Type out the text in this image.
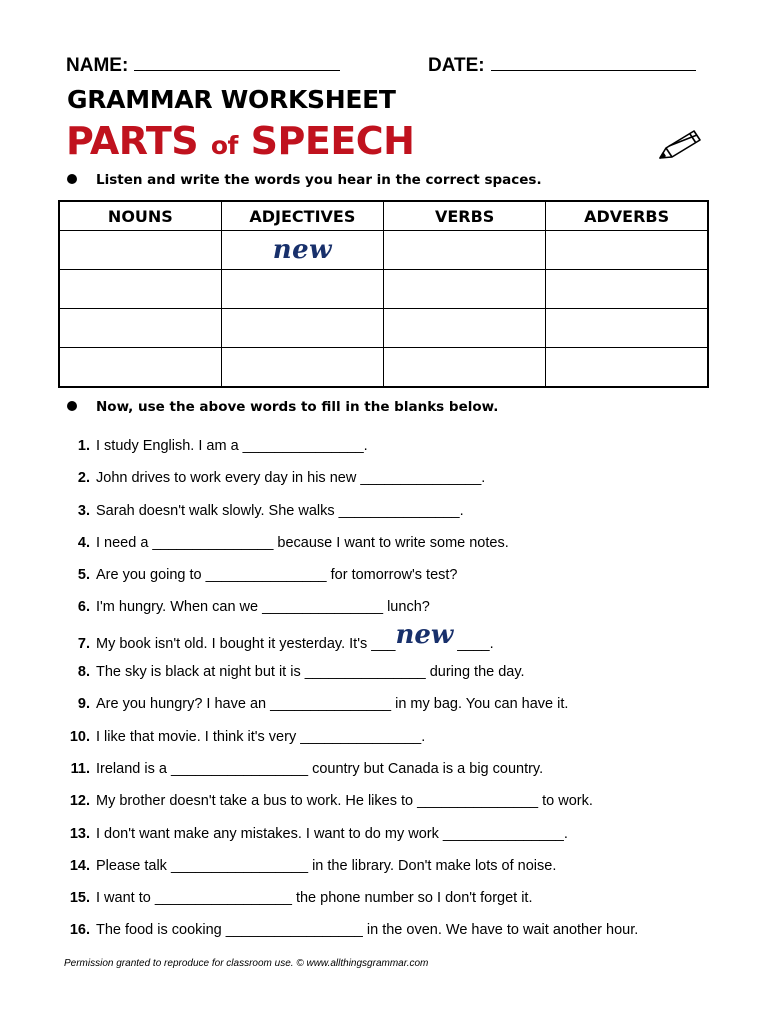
NAME:	DATE:
GRAMMAR WORKSHEET
PARTS of SPEECH
Listen and write the words you hear in the correct spaces.
NOUNS	ADJECTIVES	VERBS	ADVERBS
	new		

Now, use the above words to fill in the blanks below.
1. I study English. I am a _______________.
2. John drives to work every day in his new _______________.
3. Sarah doesn't walk slowly. She walks _______________.
4. I need a _______________ because I want to write some notes.
5. Are you going to _______________ for tomorrow's test?
6. I'm hungry. When can we _______________ lunch?
7. My book isn't old. I bought it yesterday. It's ___new ____.
8. The sky is black at night but it is _______________ during the day.
9. Are you hungry? I have an _______________ in my bag. You can have it.
10. I like that movie. I think it's very _______________.
11. Ireland is a _________________ country but Canada is a big country.
12. My brother doesn't take a bus to work. He likes to _______________ to work.
13. I don't want make any mistakes. I want to do my work _______________.
14. Please talk _________________ in the library. Don't make lots of noise.
15. I want to _________________ the phone number so I don't forget it.
16. The food is cooking _________________ in the oven. We have to wait another hour.
Permission granted to reproduce for classroom use. © www.allthingsgrammar.com
